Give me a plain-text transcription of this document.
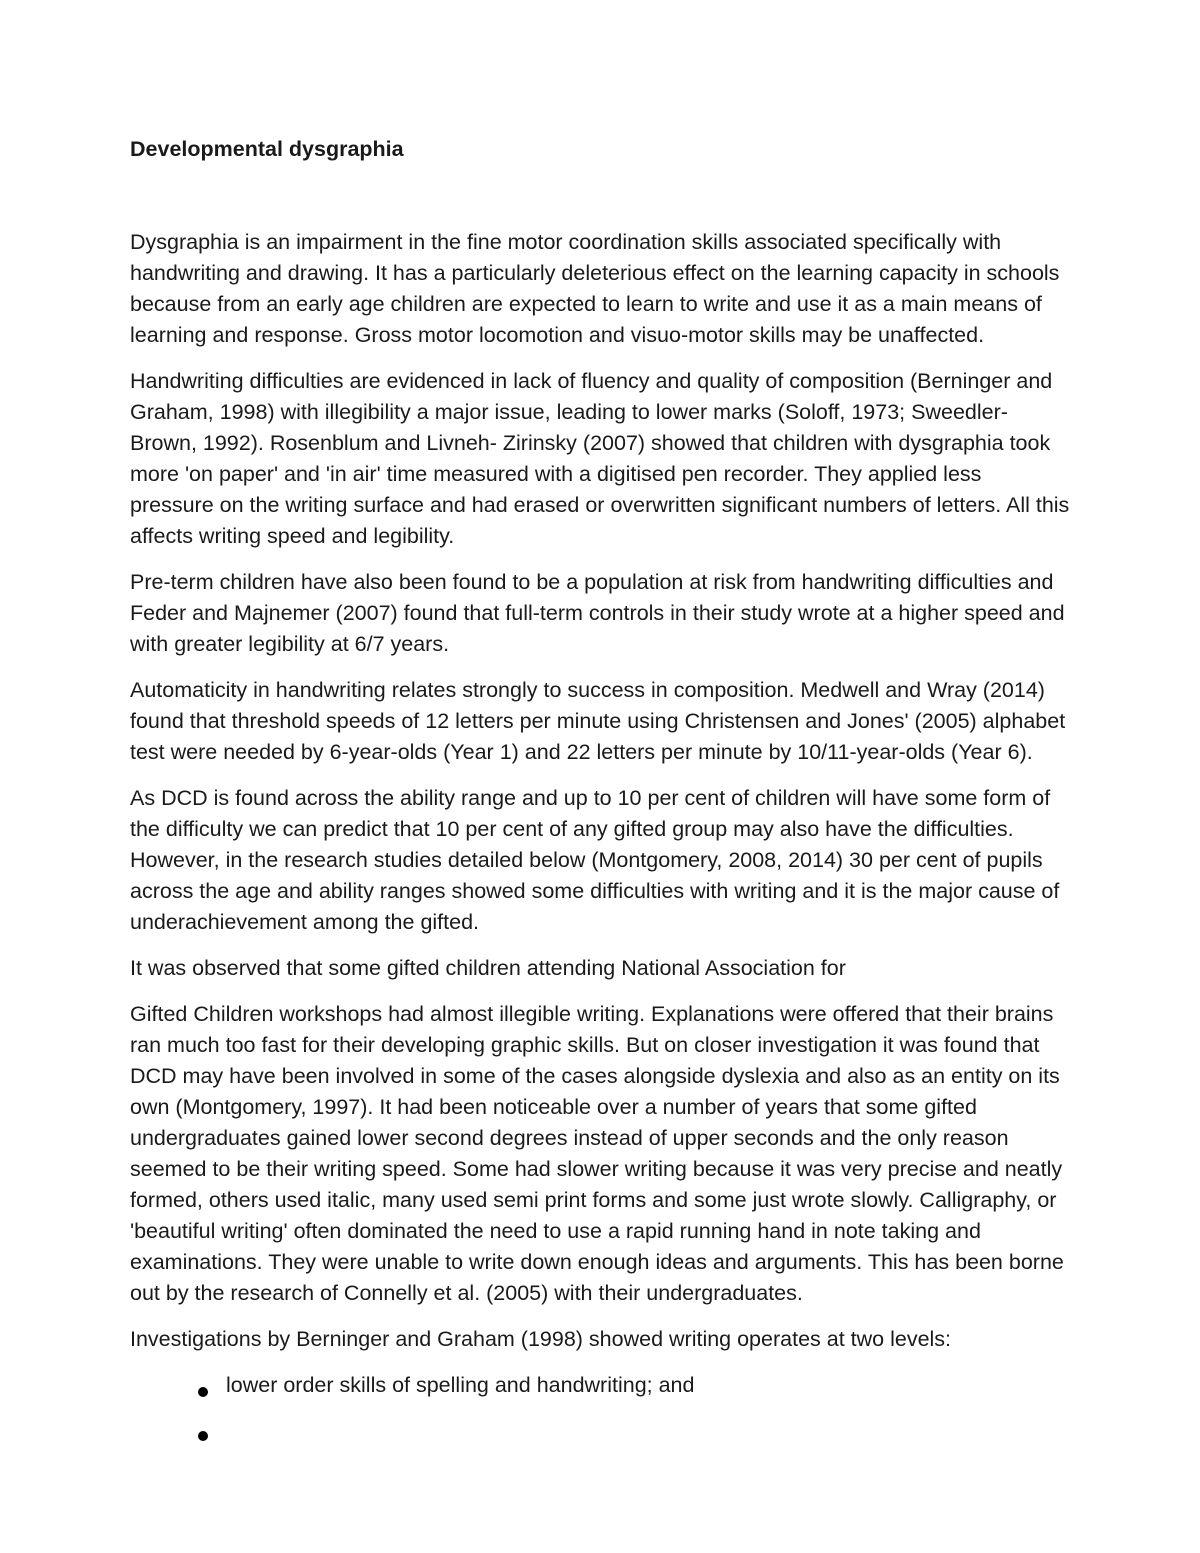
Developmental dysgraphia

Dysgraphia is an impairment in the fine motor coordination skills associated specifically with handwriting and drawing. It has a particularly deleterious effect on the learning capacity in schools because from an early age children are expected to learn to write and use it as a main means of learning and response. Gross motor locomotion and visuo-motor skills may be unaffected.

Handwriting difficulties are evidenced in lack of fluency and quality of composition (Berninger and Graham, 1998) with illegibility a major issue, leading to lower marks (Soloff, 1973; Sweedler-Brown, 1992). Rosenblum and Livneh- Zirinsky (2007) showed that children with dysgraphia took more 'on paper' and 'in air' time measured with a digitised pen recorder. They applied less pressure on the writing surface and had erased or overwritten significant numbers of letters. All this affects writing speed and legibility.

Pre-term children have also been found to be a population at risk from handwriting difficulties and Feder and Majnemer (2007) found that full-term controls in their study wrote at a higher speed and with greater legibility at 6/7 years.

Automaticity in handwriting relates strongly to success in composition. Medwell and Wray (2014) found that threshold speeds of 12 letters per minute using Christensen and Jones' (2005) alphabet test were needed by 6-year-olds (Year 1) and 22 letters per minute by 10/11-year-olds (Year 6).

As DCD is found across the ability range and up to 10 per cent of children will have some form of the difficulty we can predict that 10 per cent of any gifted group may also have the difficulties. However, in the research studies detailed below (Montgomery, 2008, 2014) 30 per cent of pupils across the age and ability ranges showed some difficulties with writing and it is the major cause of underachievement among the gifted.

It was observed that some gifted children attending National Association for

Gifted Children workshops had almost illegible writing. Explanations were offered that their brains ran much too fast for their developing graphic skills. But on closer investigation it was found that DCD may have been involved in some of the cases alongside dyslexia and also as an entity on its own (Montgomery, 1997). It had been noticeable over a number of years that some gifted undergraduates gained lower second degrees instead of upper seconds and the only reason seemed to be their writing speed. Some had slower writing because it was very precise and neatly formed, others used italic, many used semi print forms and some just wrote slowly. Calligraphy, or 'beautiful writing' often dominated the need to use a rapid running hand in note taking and examinations. They were unable to write down enough ideas and arguments. This has been borne out by the research of Connelly et al. (2005) with their undergraduates.

Investigations by Berninger and Graham (1998) showed writing operates at two levels:

lower order skills of spelling and handwriting; and
